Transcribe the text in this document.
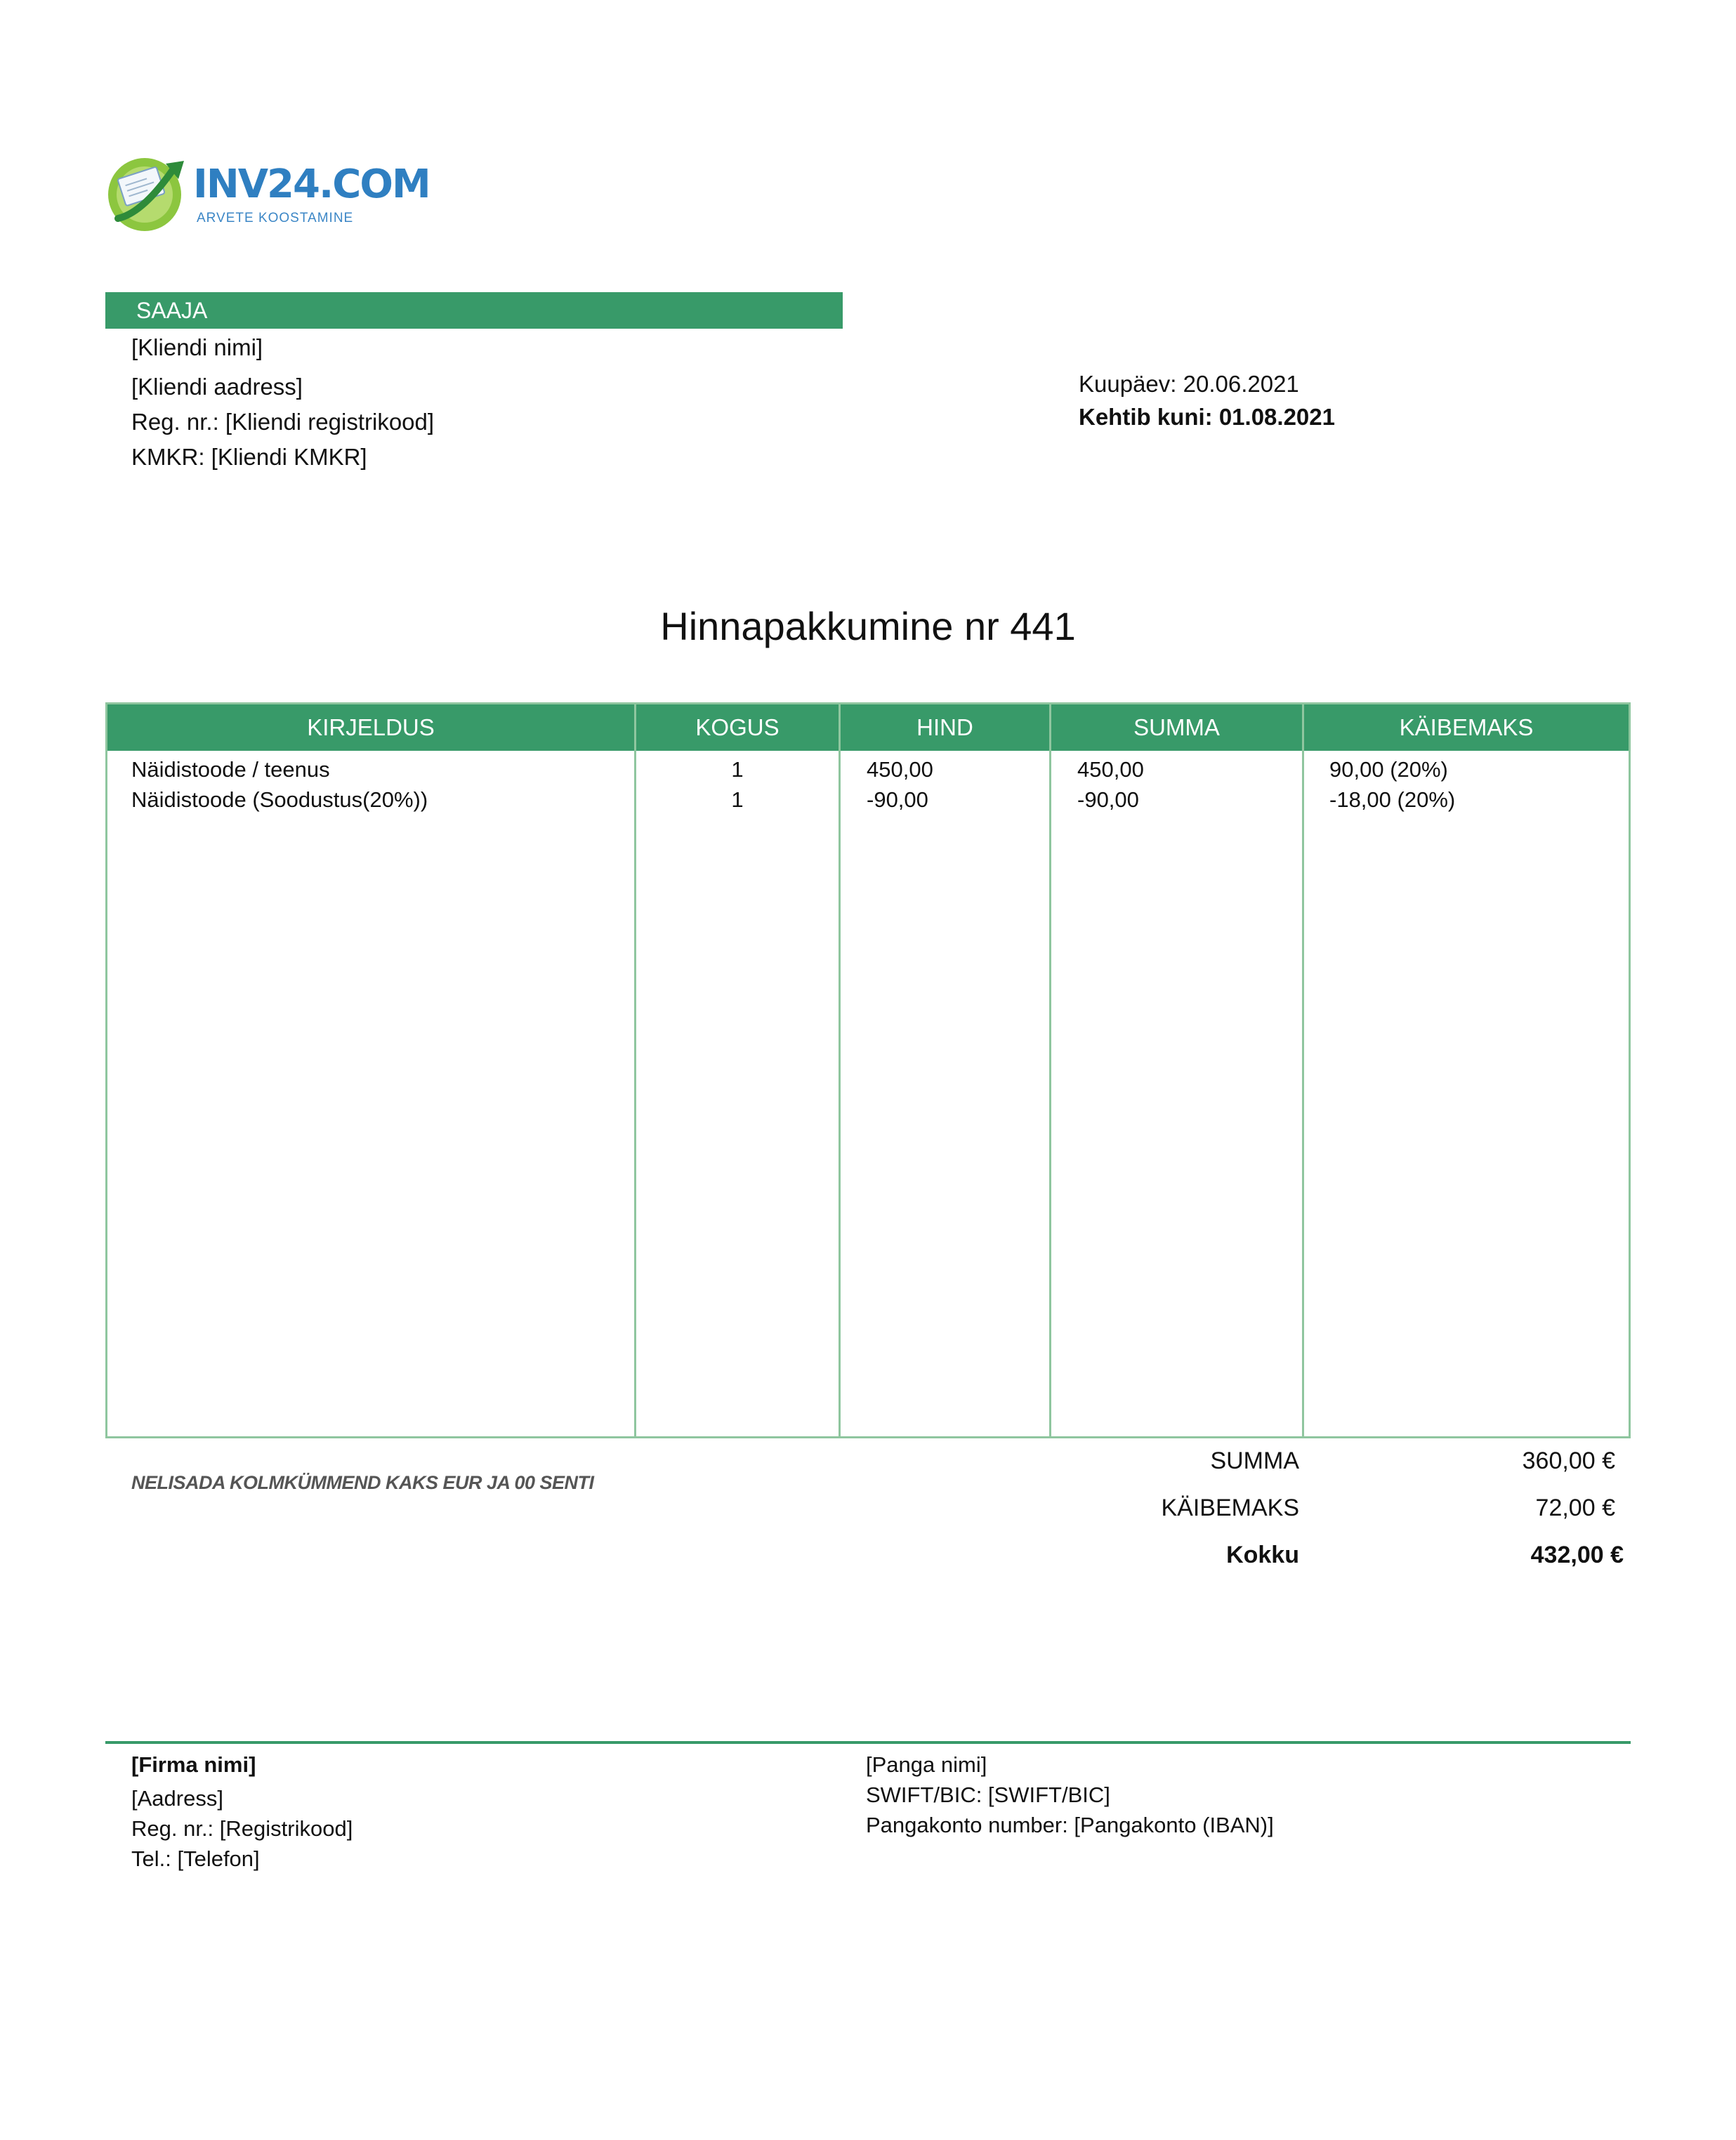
INV24.COM
ARVETE KOOSTAMINE
SAAJA
[Kliendi nimi]
[Kliendi aadress]
Reg. nr.: [Kliendi registrikood]
KMKR: [Kliendi KMKR]
Kuupäev: 20.06.2021
Kehtib kuni: 01.08.2021
Hinnapakkumine nr 441
KIRJELDUS	KOGUS	HIND	SUMMA	KÄIBEMAKS
Näidistoode / teenus	1	450,00	450,00	90,00 (20%)
Näidistoode (Soodustus(20%))	1	-90,00	-90,00	-18,00 (20%)
NELISADA KOLMKÜMMEND KAKS EUR JA 00 SENTI
SUMMA	360,00 €
KÄIBEMAKS	72,00 €
Kokku	432,00 €
[Firma nimi]
[Aadress]
Reg. nr.: [Registrikood]
Tel.: [Telefon]
[Panga nimi]
SWIFT/BIC: [SWIFT/BIC]
Pangakonto number: [Pangakonto (IBAN)]
